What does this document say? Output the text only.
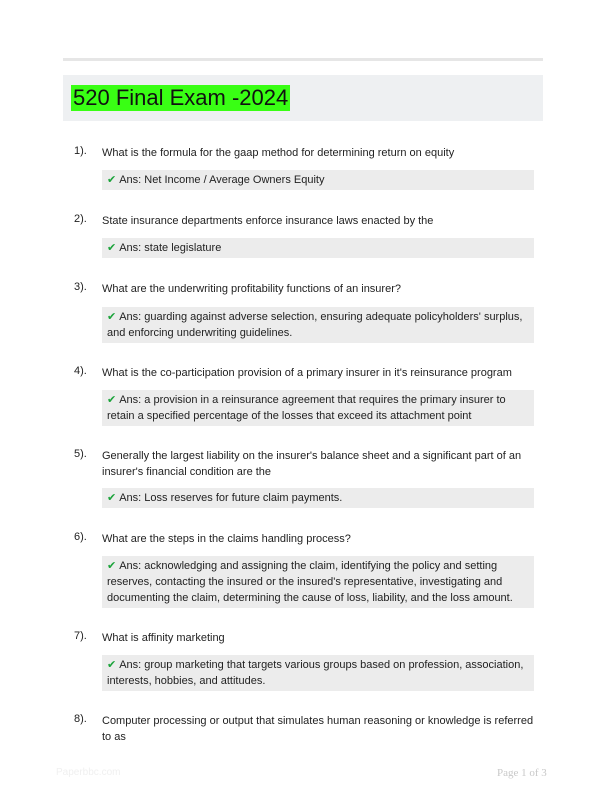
520 Final Exam -2024
1). What is the formula for the gaap method for determining return on equity
✔ Ans: Net Income / Average Owners Equity
2). State insurance departments enforce insurance laws enacted by the
✔ Ans: state legislature
3). What are the underwriting profitability functions of an insurer?
✔ Ans: guarding against adverse selection, ensuring adequate policyholders' surplus, and enforcing underwriting guidelines.
4). What is the co-participation provision of a primary insurer in it's reinsurance program
✔ Ans: a provision in a reinsurance agreement that requires the primary insurer to retain a specified percentage of the losses that exceed its attachment point
5). Generally the largest liability on the insurer's balance sheet and a significant part of an insurer's financial condition are the
✔ Ans: Loss reserves for future claim payments.
6). What are the steps in the claims handling process?
✔ Ans: acknowledging and assigning the claim, identifying the policy and setting reserves, contacting the insured or the insured's representative, investigating and documenting the claim, determining the cause of loss, liability, and the loss amount.
7). What is affinity marketing
✔ Ans: group marketing that targets various groups based on profession, association, interests, hobbies, and attitudes.
8). Computer processing or output that simulates human reasoning or knowledge is referred to as
Paperbbc.com	Page 1 of 3
